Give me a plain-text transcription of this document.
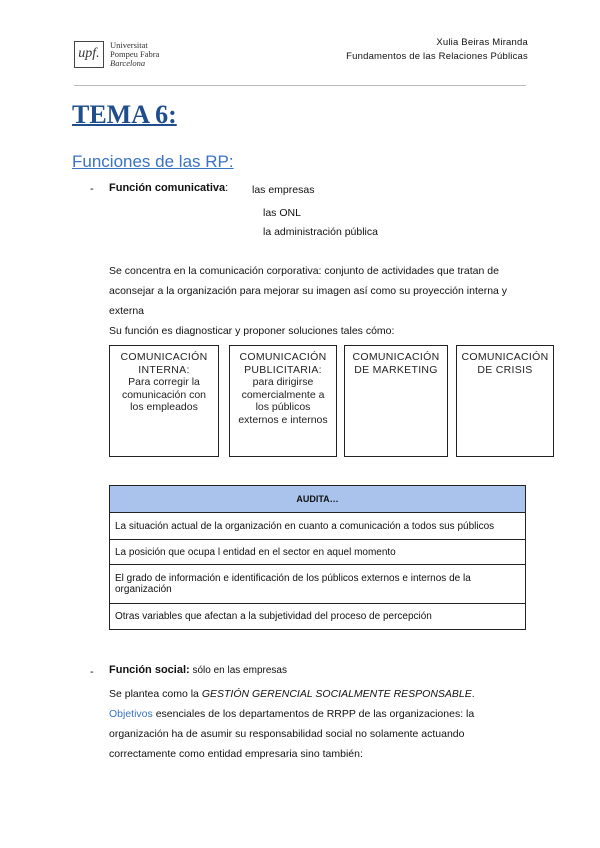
upf.
Universitat
Pompeu Fabra
Barcelona
Xulia Beiras Miranda
Fundamentos de las Relaciones Públicas
TEMA 6:
Funciones de las RP:
- Función comunicativa: las empresas
las ONL
la administración pública
Se concentra en la comunicación corporativa: conjunto de actividades que tratan de
aconsejar a la organización para mejorar su imagen así como su proyección interna y
externa
Su función es diagnosticar y proponer soluciones tales cómo:
COMUNICACIÓN
INTERNA:
Para corregir la
comunicación con
los empleados
COMUNICACIÓN
PUBLICITARIA:
para dirigirse
comercialmente a
los públicos
externos e internos
COMUNICACIÓN
DE MARKETING
COMUNICACIÓN
DE CRISIS
AUDITA…
La situación actual de la organización en cuanto a comunicación a todos sus públicos
La posición que ocupa l entidad en el sector en aquel momento
El grado de información e identificación de los públicos externos e internos de la
organización
Otras variables que afectan a la subjetividad del proceso de percepción
- Función social: sólo en las empresas
Se plantea como la GESTIÓN GERENCIAL SOCIALMENTE RESPONSABLE.
Objetivos esenciales de los departamentos de RRPP de las organizaciones: la
organización ha de asumir su responsabilidad social no solamente actuando
correctamente como entidad empresaria sino también:
